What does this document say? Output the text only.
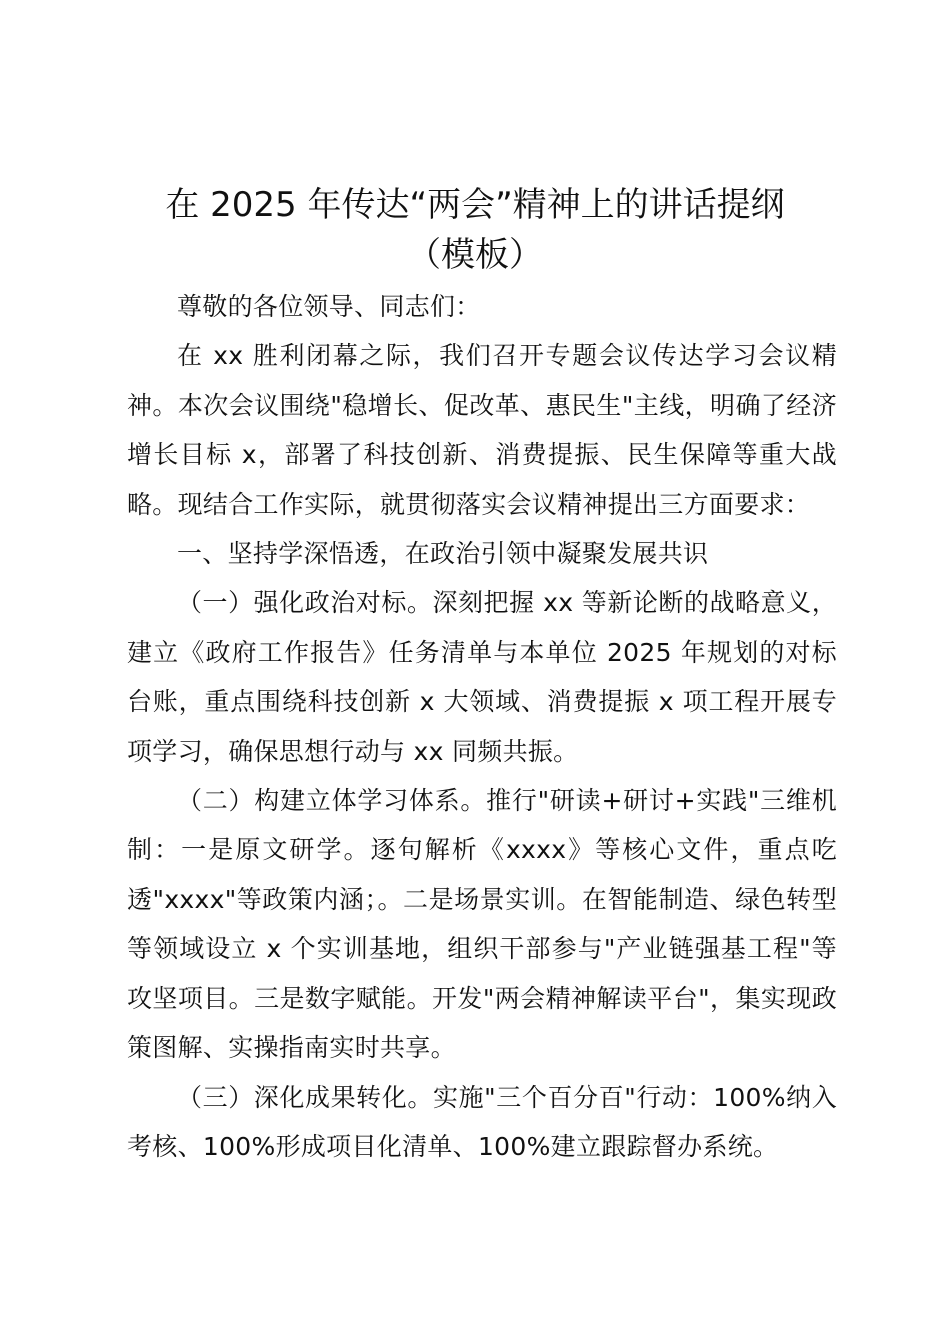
在 2025 年传达“两会”精神上的讲话提纲
（模板）

尊敬的各位领导、同志们：

在 xx 胜利闭幕之际，我们召开专题会议传达学习会议精神。本次会议围绕"稳增长、促改革、惠民生"主线，明确了经济增长目标 x，部署了科技创新、消费提振、民生保障等重大战略。现结合工作实际，就贯彻落实会议精神提出三方面要求：

一、坚持学深悟透，在政治引领中凝聚发展共识

（一）强化政治对标。深刻把握 xx 等新论断的战略意义，建立《政府工作报告》任务清单与本单位 2025 年规划的对标台账，重点围绕科技创新 x 大领域、消费提振 x 项工程开展专项学习，确保思想行动与 xx 同频共振。

（二）构建立体学习体系。推行"研读+研讨+实践"三维机制：一是原文研学。逐句解析《xxxx》等核心文件，重点吃透"xxxx"等政策内涵；。二是场景实训。在智能制造、绿色转型等领域设立 x 个实训基地，组织干部参与"产业链强基工程"等攻坚项目。三是数字赋能。开发"两会精神解读平台"，集实现政策图解、实操指南实时共享。

（三）深化成果转化。实施"三个百分百"行动：100%纳入考核、100%形成项目化清单、100%建立跟踪督办系统。
